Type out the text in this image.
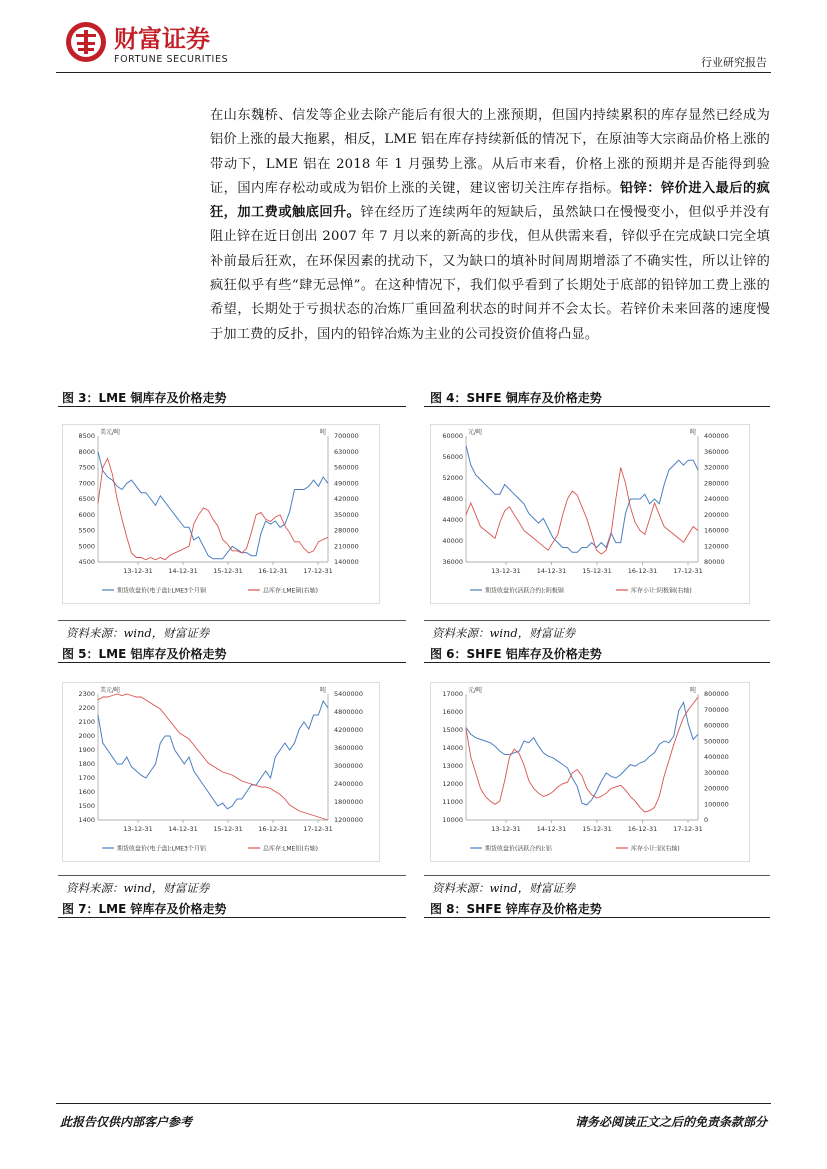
财富证券
FORTUNE SECURITIES	行业研究报告
在山东魏桥、信发等企业去除产能后有很大的上涨预期，但国内持续累积的库存显然已经成为铝价上涨的最大拖累，相反，LME 铝在库存持续新低的情况下，在原油等大宗商品价格上涨的带动下，LME 铝在 2018 年 1 月强势上涨。从后市来看，价格上涨的预期并是否能得到验证，国内库存松动或成为铝价上涨的关键，建议密切关注库存指标。铅锌：锌价进入最后的疯狂，加工费或触底回升。锌在经历了连续两年的短缺后，虽然缺口在慢慢变小，但似乎并没有阻止锌在近日创出 2007 年 7 月以来的新高的步伐，但从供需来看，锌似乎在完成缺口完全填补前最后狂欢，在环保因素的扰动下，又为缺口的填补时间周期增添了不确实性，所以让锌的疯狂似乎有些“肆无忌惮”。在这种情况下，我们似乎看到了长期处于底部的铅锌加工费上涨的希望，长期处于亏损状态的冶炼厂重回盈利状态的时间并不会太长。若锌价未来回落的速度慢于加工费的反扑，国内的铅锌冶炼为主业的公司投资价值将凸显。
图 3：LME 铜库存及价格走势	图 4：SHFE 铜库存及价格走势
美元/吨	吨
8500
8000
7500
7000
6500
6000
5500
5000
4500
700000
630000
560000
490000
420000
350000
280000
210000
140000
13-12-31 14-12-31 15-12-31 16-12-31 17-12-31
期货收盘价(电子盘):LME3个月铜	总库存:LME铜(右轴)
元/吨	吨
60000
56000
52000
48000
44000
40000
36000
400000
360000
320000
280000
240000
200000
160000
120000
80000
13-12-31 14-12-31 15-12-31 16-12-31 17-12-31
期货收盘价(活跃合约):阴极铜	库存小计:阴极铜(右轴)
资料来源：wind，财富证券	资料来源：wind，财富证券
图 5：LME 铝库存及价格走势	图 6：SHFE 铝库存及价格走势
美元/吨	吨
2300
2200
2100
2000
1900
1800
1700
1600
1500
1400
5400000
4800000
4200000
3600000
3000000
2400000
1800000
1200000
13-12-31 14-12-31 15-12-31 16-12-31 17-12-31
期货收盘价(电子盘):LME3个月铝	总库存:LME铝(右轴)
元/吨	吨
17000
16000
15000
14000
13000
12000
11000
10000
800000
700000
600000
500000
400000
300000
200000
100000
0
13-12-31 14-12-31 15-12-31 16-12-31 17-12-31
期货收盘价(活跃合约):铝	库存小计:铝(右轴)
资料来源：wind，财富证券	资料来源：wind，财富证券
图 7：LME 锌库存及价格走势	图 8：SHFE 锌库存及价格走势
此报告仅供内部客户参考	请务必阅读正文之后的免责条款部分
